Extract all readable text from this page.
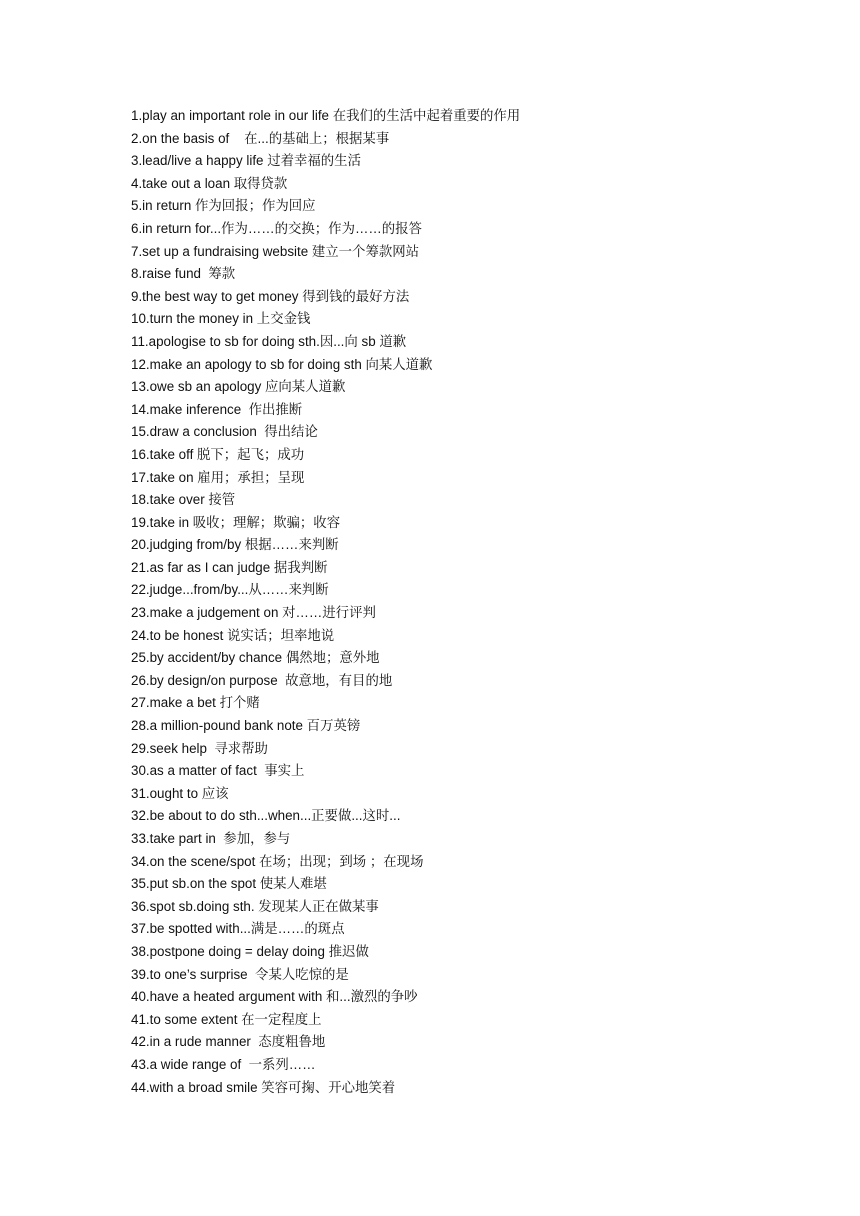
1.play an important role in our life 在我们的生活中起着重要的作用
2.on the basis of    在...的基础上；根据某事
3.lead/live a happy life 过着幸福的生活
4.take out a loan 取得贷款
5.in return 作为回报；作为回应
6.in return for...作为……的交换；作为……的报答
7.set up a fundraising website 建立一个筹款网站
8.raise fund  筹款
9.the best way to get money 得到钱的最好方法
10.turn the money in 上交金钱
11.apologise to sb for doing sth.因...向 sb 道歉
12.make an apology to sb for doing sth 向某人道歉
13.owe sb an apology 应向某人道歉
14.make inference  作出推断
15.draw a conclusion  得出结论
16.take off 脱下；起飞；成功
17.take on 雇用；承担；呈现
18.take over 接管
19.take in 吸收；理解；欺骗；收容
20.judging from/by 根据……来判断
21.as far as I can judge 据我判断
22.judge...from/by...从……来判断
23.make a judgement on 对……进行评判
24.to be honest 说实话；坦率地说
25.by accident/by chance 偶然地；意外地
26.by design/on purpose  故意地，有目的地
27.make a bet 打个赌
28.a million-pound bank note 百万英镑
29.seek help  寻求帮助
30.as a matter of fact  事实上
31.ought to 应该
32.be about to do sth...when...正要做...这时...
33.take part in  参加，参与
34.on the scene/spot 在场；出现；到场 ；在现场
35.put sb.on the spot 使某人难堪
36.spot sb.doing sth. 发现某人正在做某事
37.be spotted with...满是……的斑点
38.postpone doing = delay doing 推迟做
39.to one’s surprise  令某人吃惊的是
40.have a heated argument with 和...激烈的争吵
41.to some extent 在一定程度上
42.in a rude manner  态度粗鲁地
43.a wide range of  一系列……
44.with a broad smile 笑容可掬、开心地笑着
